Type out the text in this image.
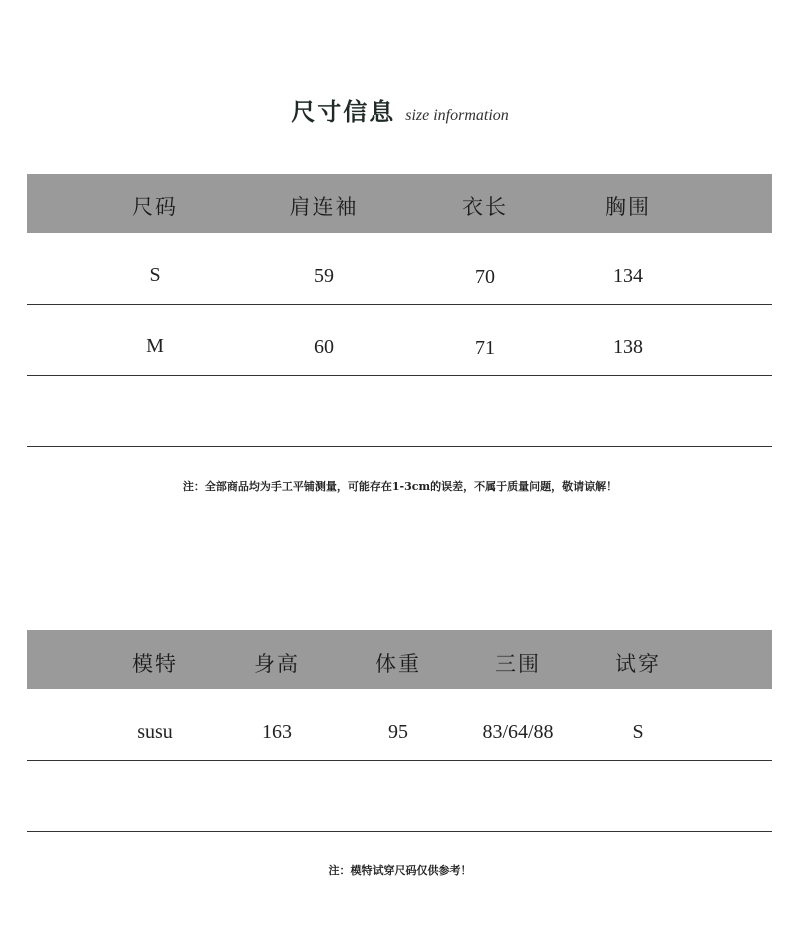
尺寸信息 size information
尺码	肩连袖	衣长	胸围
S	59	70	134
M	60	71	138
注：全部商品均为手工平铺测量，可能存在1-3cm的误差，不属于质量问题，敬请谅解！
模特	身高	体重	三围	试穿
susu	163	95	83/64/88	S
注：模特试穿尺码仅供参考！
